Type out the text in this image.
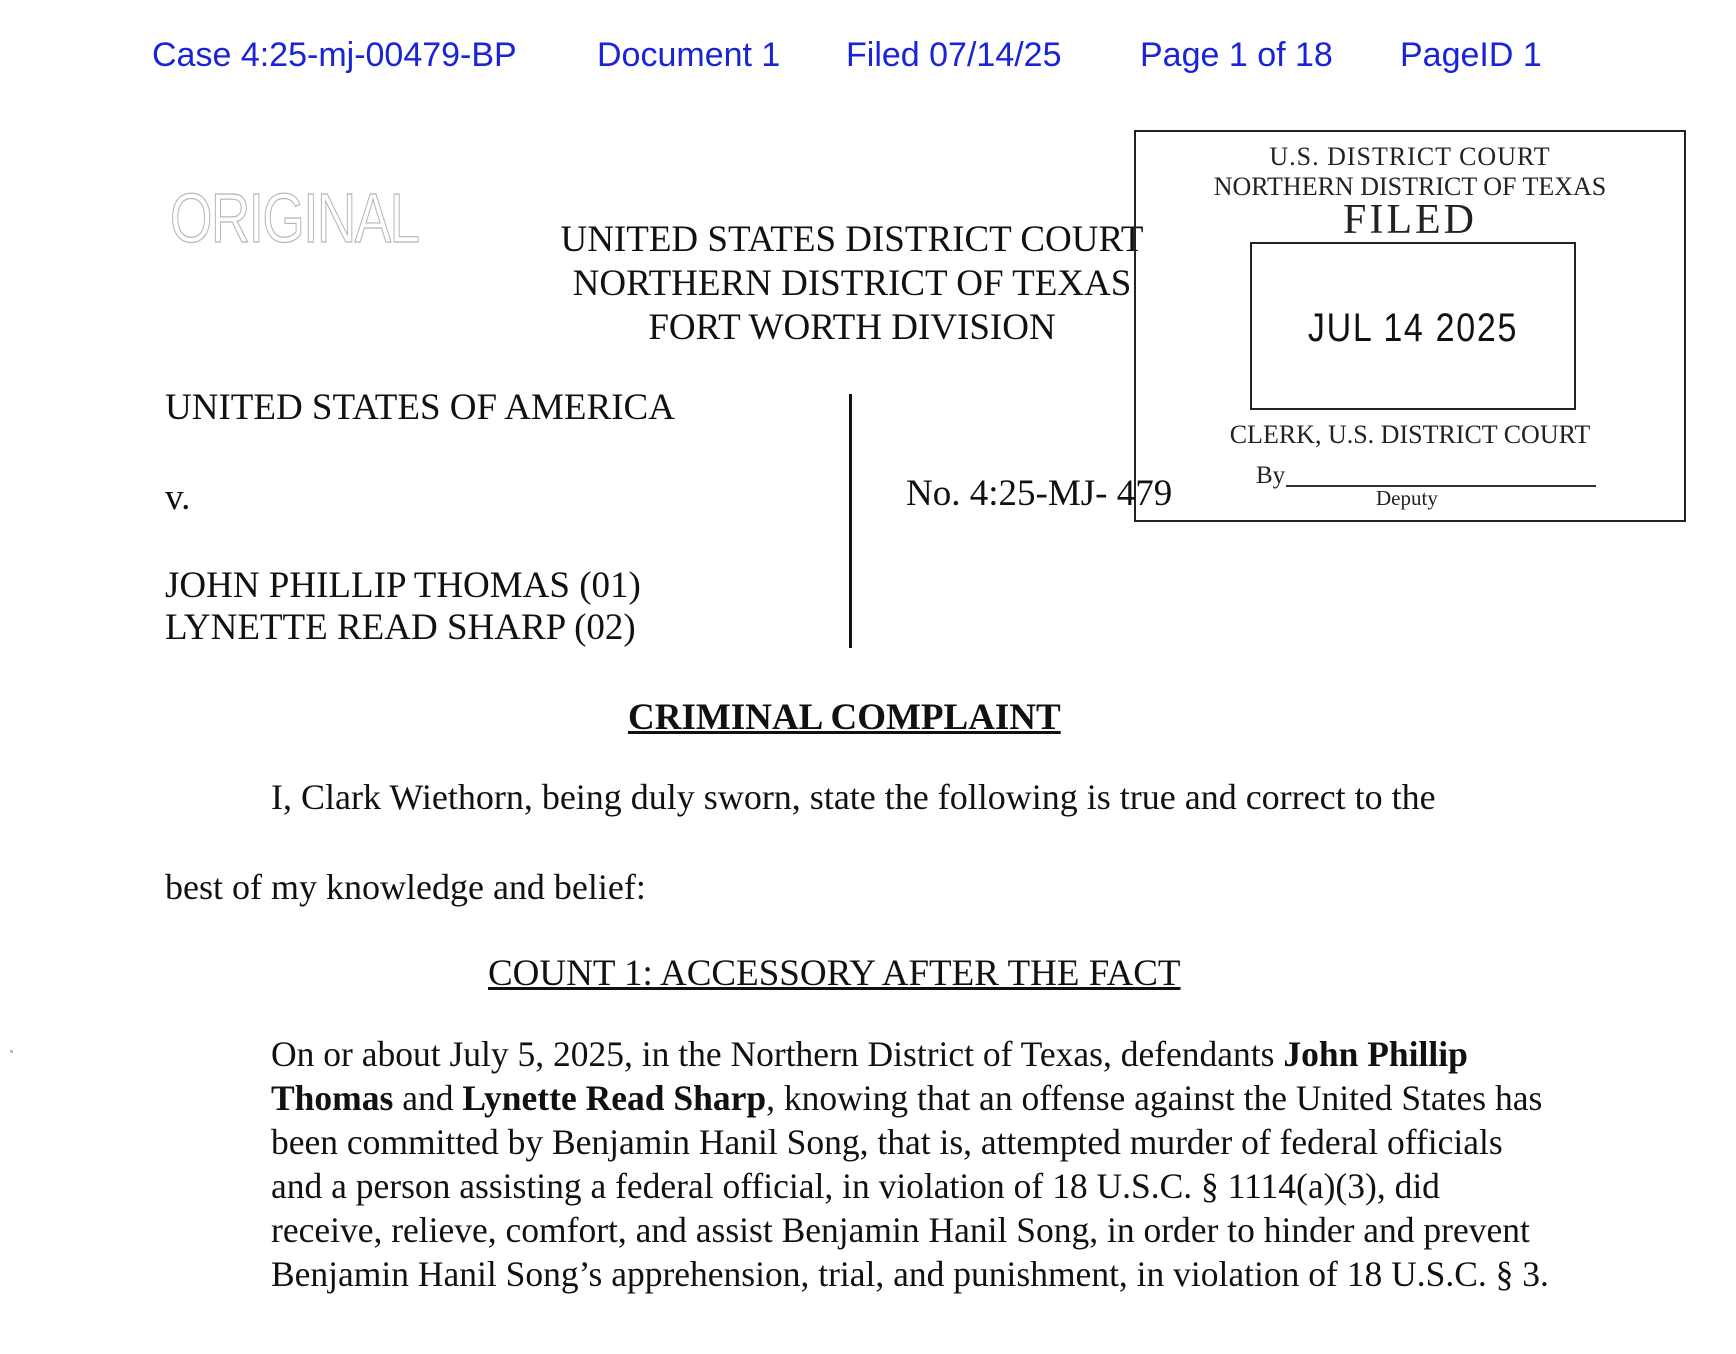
Case 4:25-mj-00479-BP Document 1 Filed 07/14/25 Page 1 of 18 PageID 1
ORIGINAL	UNITED STATES DISTRICT COURT
NORTHERN DISTRICT OF TEXAS
FORT WORTH DIVISION
U.S. DISTRICT COURT
NORTHERN DISTRICT OF TEXAS
FILED
JUL 14 2025
CLERK, U.S. DISTRICT COURT
By
Deputy
UNITED STATES OF AMERICA
v.
JOHN PHILLIP THOMAS (01)
LYNETTE READ SHARP (02)
No. 4:25-MJ- 479
CRIMINAL COMPLAINT
I, Clark Wiethorn, being duly sworn, state the following is true and correct to the
best of my knowledge and belief:
COUNT 1: ACCESSORY AFTER THE FACT
On or about July 5, 2025, in the Northern District of Texas, defendants John Phillip Thomas and Lynette Read Sharp, knowing that an offense against the United States has been committed by Benjamin Hanil Song, that is, attempted murder of federal officials and a person assisting a federal official, in violation of 18 U.S.C. § 1114(a)(3), did receive, relieve, comfort, and assist Benjamin Hanil Song, in order to hinder and prevent Benjamin Hanil Song’s apprehension, trial, and punishment, in violation of 18 U.S.C. § 3.
